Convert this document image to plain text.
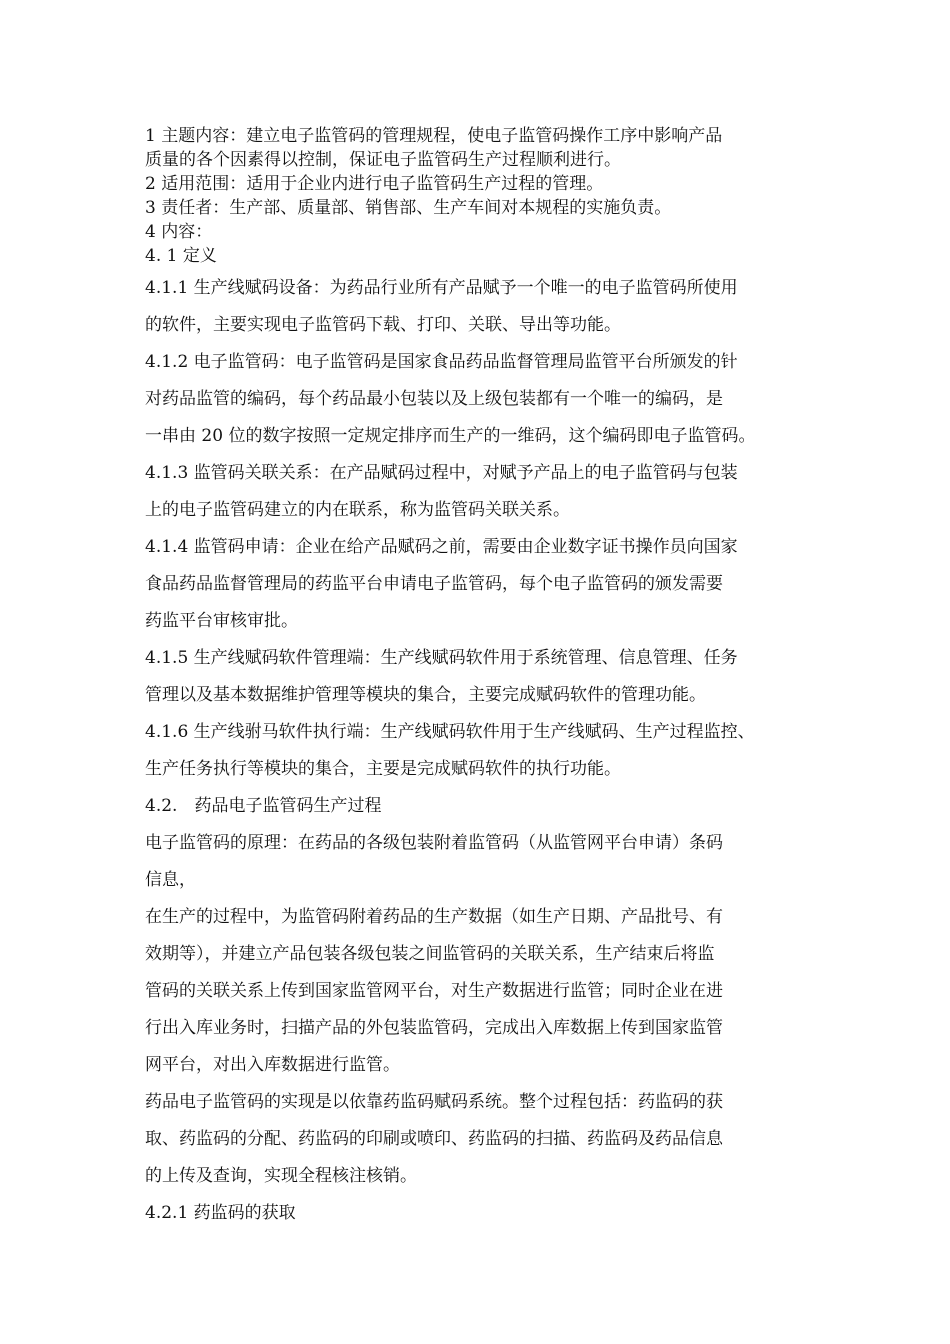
1 主题内容：建立电子监管码的管理规程，使电子监管码操作工序中影响产品

质量的各个因素得以控制，保证电子监管码生产过程顺利进行。

2 适用范围：适用于企业内进行电子监管码生产过程的管理。

3 责任者：生产部、质量部、销售部、生产车间对本规程的实施负责。

4 内容：

4. 1 定义

4.1.1 生产线赋码设备：为药品行业所有产品赋予一个唯一的电子监管码所使用

的软件，主要实现电子监管码下载、打印、关联、导出等功能。

4.1.2 电子监管码：电子监管码是国家食品药品监督管理局监管平台所颁发的针

对药品监管的编码，每个药品最小包装以及上级包装都有一个唯一的编码，是

一串由 20 位的数字按照一定规定排序而生产的一维码，这个编码即电子监管码。

4.1.3 监管码关联关系：在产品赋码过程中，对赋予产品上的电子监管码与包装

上的电子监管码建立的内在联系，称为监管码关联关系。

4.1.4 监管码申请：企业在给产品赋码之前，需要由企业数字证书操作员向国家

食品药品监督管理局的药监平台申请电子监管码，每个电子监管码的颁发需要

药监平台审核审批。

4.1.5 生产线赋码软件管理端：生产线赋码软件用于系统管理、信息管理、任务

管理以及基本数据维护管理等模块的集合，主要完成赋码软件的管理功能。

4.1.6 生产线驸马软件执行端：生产线赋码软件用于生产线赋码、生产过程监控、

生产任务执行等模块的集合，主要是完成赋码软件的执行功能。

4.2.　药品电子监管码生产过程

电子监管码的原理：在药品的各级包装附着监管码（从监管网平台申请）条码

信息，

在生产的过程中，为监管码附着药品的生产数据（如生产日期、产品批号、有

效期等），并建立产品包装各级包装之间监管码的关联关系，生产结束后将监

管码的关联关系上传到国家监管网平台，对生产数据进行监管；同时企业在进

行出入库业务时，扫描产品的外包装监管码，完成出入库数据上传到国家监管

网平台，对出入库数据进行监管。

药品电子监管码的实现是以依靠药监码赋码系统。整个过程包括：药监码的获

取、药监码的分配、药监码的印刷或喷印、药监码的扫描、药监码及药品信息

的上传及查询，实现全程核注核销。

4.2.1 药监码的获取
